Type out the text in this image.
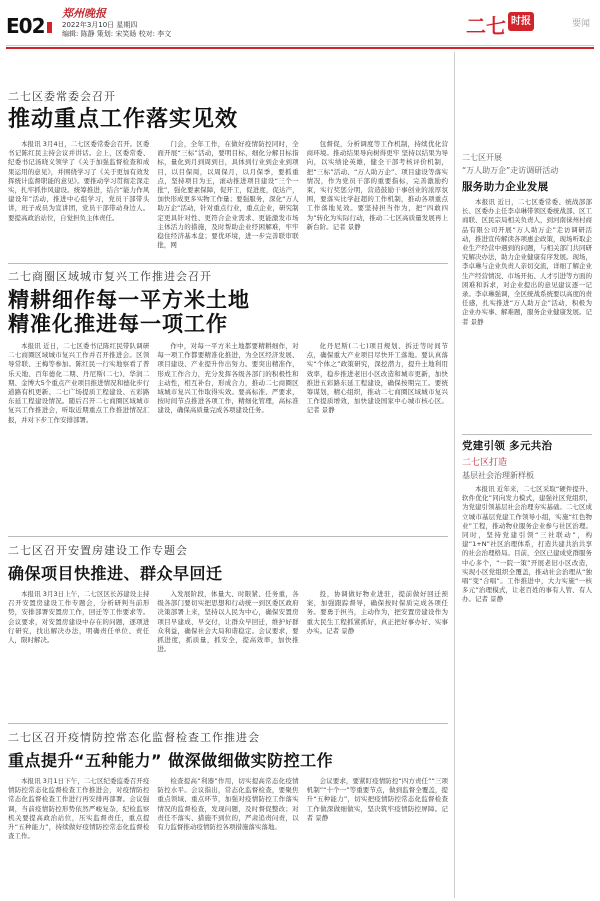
E02
郑州晚报
2022年3月10日 星期四
编辑: 陈静 策划: 宋笑旸 校对: 李文	二七 时报	要闻
二七区委常委会召开
推动重点工作落实见效

本报讯 3月4日，二七区委常委会召开。区委书记陈红民主持会议并讲话。会上，区委常委、纪委书记汤晓义领学了《关于加强监督检查和成果运用的意见》，并围绕学习了《关于更加有效发挥统计监督职能的意见》。要推动学习贯彻走深走实，扎牢抓作风建设。统筹推进，结合“能力作风建设年”活动，推进中心组学习，党员干部带头讲，班子成员为宣讲团，党员干部带动身边人。要提高政治站位，自觉担负主体责任。

门会，全年工作，在做好疫情防控同时，全面开展“三标”活动，要明目标，细化分解目标指标，量化到月到周到日，具体到行业到企业到项目，以目保周，以周保月，以月保季，要抓重点，坚持项目为王，滚动推进项目建设“三个一批”，强化要素保障，促开工，促进度，促达产，加快形成更多实物工作量；要强服务，深化“万人助万企”活动，针对重点行业，重点企业，研究制定更具针对性、更符合企业需求、更能激发市场主体活力的措施，及时帮助企业纾困解难，牢牢稳住经济基本盘；要优环境，进一步完善联审联批，网

包督促，分析调度等工作机制，持续优化营商环境。推动结果导向树得更牢 坚持以结果为导向，以实绩论英雄，健全干部考核评价机制，把“三标”活动、“万人助万企”、项目建设等落实情况，作为党员干部的重要指标，完善激励约束，实行奖惩分明，营造鼓励干事创业的浓厚氛围，要落实比学赶超的工作机制，推动各项重点工作落地见效。要坚持担当作为，把“四敢四为”转化为实际行动，推动二七区高质量发展再上新台阶。记者 景静

二七商圈区域城市复兴工作推进会召开
精耕细作每一平方米土地
精准化推进每一项工作

本报讯 近日，二七区委书记陈红民带队调研二七商圈区域城市复兴工作并召开推进会。区领导常联、王梅等参加。陈红民一行实地察看了普乐天地、百年德化二期、丹尼斯(二七)、华润二期、金博大5个重点产业项目推进情况和德化步行道路有机更新、二七广场提质工程建设、五彩路东延工程建设情况。随后召开二七商圈区域城市复兴工作推进会，听取近期重点工作推进情况汇报，并对下步工作安排部署。

作中，对每一平方米土地都要精耕细作，对每一项工作都要精准化推进，为全区经济发展、项目建设、产业提升作出努力。要突出精准作，形成工作合力，充分发挥各级各部门的积极性和主动性，相互补台，形成合力，推动二七商圈区域城市复兴工作取得实效。要高标准、严要求，按时间节点推进各项工作，精细化管理，高标准建设，确保高质量完成各项建设任务。

化丹尼斯(二七)项目规划、拆迁等时间节点，确保重大产业项目尽快开工落地。要认真落实“个体之”政策研究，深挖潜力，提升土地利用效率，稳步推进老旧小区改造和城市更新，加快推进五彩路东延工程建设，确保按期完工。要统筹谋划，精心组织，推动二七商圈区域城市复兴工作提质增效，加快建设国家中心城市核心区。记者 景静

二七区召开安置房建设工作专题会
确保项目快推进、群众早回迁

本报讯 3月3日上午，二七区区长苏建设主持召开安置房建设工作专题会，分析研判当前形势，安排部署安置房工作，回迁等工作要求等。会议要求，对安置房建设中存在的问题，逐项进行研究，找出解决办法，明确责任单位、责任人，限时解决。

入发展阶段，体量大、时限紧、任务重，各级各部门要切实把思想和行动统一到区委区政府决策部署上来，坚持以人民为中心，确保安置房项目早建成、早交付，让群众早回迁，维护好群众利益，确保社会大局和谐稳定。会议要求，要抓进度，抓质量，抓安全，提高效率，加快推进。

投，协调做好物业进驻，提前做好回迁预案，加强跟踪督导，确保按时保质完成各项任务。要勇于担当，主动作为，把安置房建设作为重大民生工程抓紧抓好，真正把好事办好、实事办实。记者 景静

二七区召开疫情防控常态化监督检查工作推进会
重点提升“五种能力” 做深做细做实防控工作

本报讯 3月1日下午，二七区纪委监委召开疫情防控常态化监督检查工作推进会，对疫情防控常态化监督检查工作进行再安排再部署。会议强调，当前疫情防控形势依然严峻复杂，纪检监察机关要提高政治站位，压实监督责任，重点提升“五种能力”，持续做好疫情防控常态化监督检查工作。

检查提高“利器”作用，切实提高常态化疫情防控水平。会议指出，常态化监督检查，要聚焦重点领域、重点环节，加强对疫情防控工作落实情况的监督检查，发现问题，及时督促整改；对责任不落实、措施不到位的，严肃追责问责，以有力监督推动疫情防控各项措施落实落地。

会议要求，要紧盯疫情防控“四方责任”“三项机制”“十个一”等重要节点，做到监督全覆盖，提升“五种能力”，切实把疫情防控常态化监督检查工作做深做细做实，坚决筑牢疫情防控屏障。记者 景静

二七区开展
“万人助万企”走访调研活动
服务助力企业发展

本报讯 近日，二七区委常委、统战部部长、区委办主任李卓琳带领区委统战部、区工商联、区民宗局相关负责人，到河南徕州村商品有限公司开展“万人助万企”走访调研活动，推进宣传解读各项惠企政策，现场听取企业生产经营中遇到的问题，与相关部门共同研究解决办法，助力企业健康有序发展。现场，李卓琳与企业负责人亲切交流，详细了解企业生产经营情况、市场开拓、人才引进等方面的困难和诉求，对企业提出的意见建议逐一记录。李卓琳强调，全区统战系统要以高度的责任感，扎实推进“万人助万企”活动，积极为企业办实事、解难题，服务企业健康发展。记者 景静

党建引领 多元共治
二七区打造
基层社会治理新样板

本报讯 近年来，二七区采取“硬件提升、软件优化”同向发力模式，建强社区党组织，为党建引领基层社会治理夯实基础。二七区成立城市基层党建工作领导小组，实施“红色物业”工程，推动物业服务企业参与社区治理。同时，坚持党建引领“三社联动”，构建“1+N”社区治理体系，打造共建共治共享的社会治理格局。目前，全区已建成党群服务中心多个，“一院一策”开展老旧小区改造，实现小区党组织全覆盖，推动社会治理从“独唱”变“合唱”。工作推进中，大力实施“一核多元”治理模式，让老百姓的事有人管、有人办。记者 景静
